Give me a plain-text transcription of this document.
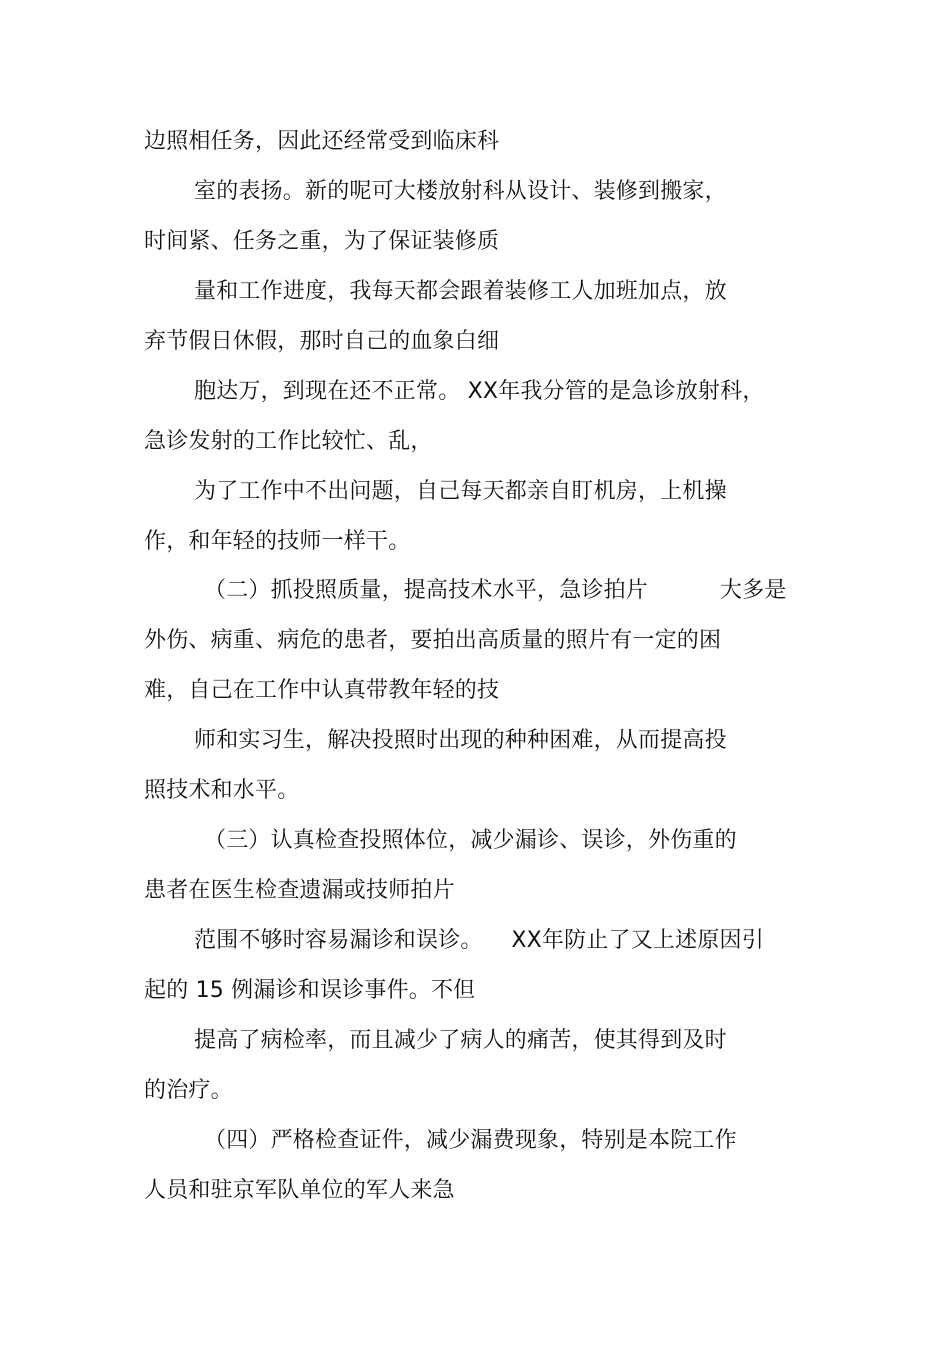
边照相任务，因此还经常受到临床科
室的表扬。新的呢可大楼放射科从设计、装修到搬家，
时间紧、任务之重，为了保证装修质
量和工作进度，我每天都会跟着装修工人加班加点，放
弃节假日休假，那时自己的血象白细
胞达万，到现在还不正常。 XX年我分管的是急诊放射科，
急诊发射的工作比较忙、乱，
为了工作中不出问题，自己每天都亲自盯机房，上机操
作，和年轻的技师一样干。
（二）抓投照质量，提高技术水平，急诊拍片          大多是
外伤、病重、病危的患者，要拍出高质量的照片有一定的困
难，自己在工作中认真带教年轻的技
师和实习生，解决投照时出现的种种困难，从而提高投
照技术和水平。
（三）认真检查投照体位，减少漏诊、误诊，外伤重的
患者在医生检查遗漏或技师拍片
范围不够时容易漏诊和误诊。    XX年防止了又上述原因引
起的 15 例漏诊和误诊事件。不但
提高了病检率，而且减少了病人的痛苦，使其得到及时
的治疗。
（四）严格检查证件，减少漏费现象，特别是本院工作
人员和驻京军队单位的军人来急
